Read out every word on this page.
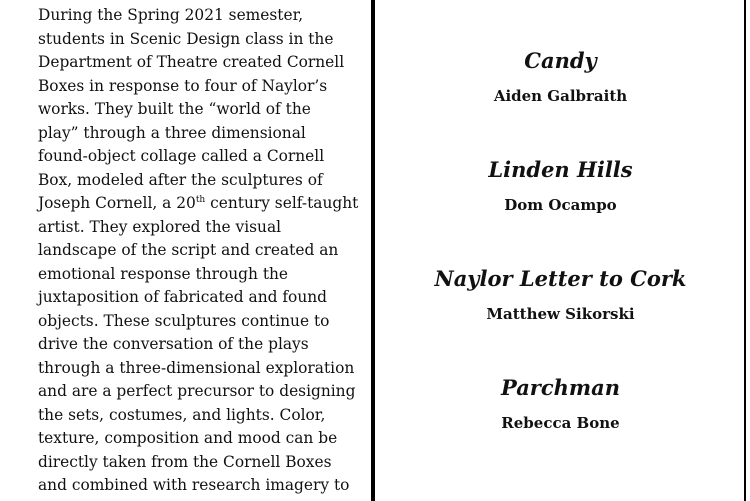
During the Spring 2021 semester,
students in Scenic Design class in the
Department of Theatre created Cornell
Boxes in response to four of Naylor’s
works. They built the “world of the
play” through a three dimensional
found-object collage called a Cornell
Box, modeled after the sculptures of
Joseph Cornell, a 20th century self-taught
artist. They explored the visual
landscape of the script and created an
emotional response through the
juxtaposition of fabricated and found
objects. These sculptures continue to
drive the conversation of the plays
through a three-dimensional exploration
and are a perfect precursor to designing
the sets, costumes, and lights. Color,
texture, composition and mood can be
directly taken from the Cornell Boxes
and combined with research imagery to
Candy
Aiden Galbraith
Linden Hills
Dom Ocampo
Naylor Letter to Cork
Matthew Sikorski
Parchman
Rebecca Bone
